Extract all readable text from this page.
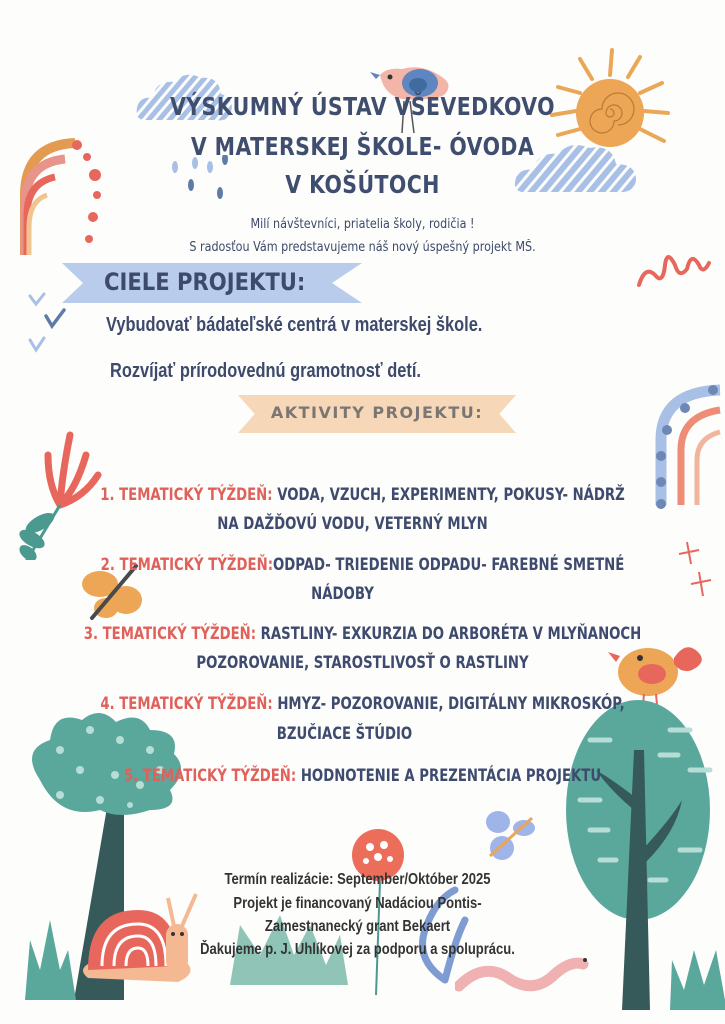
VÝSKUMNÝ ÚSTAV VŠEVEDKOVO
V MATERSKEJ ŠKOLE- ÓVODA
V KOŠÚTOCH
Milí návštevníci, priatelia školy, rodičia !
S radosťou Vám predstavujeme náš nový úspešný projekt MŠ.
CIELE PROJEKTU:
Vybudovať bádateľské centrá v materskej škole.
Rozvíjať prírodovednú gramotnosť detí.
AKTIVITY PROJEKTU:
1. TEMATICKÝ TÝŽDEŇ: VODA, VZUCH, EXPERIMENTY, POKUSY- NÁDRŽ
NA DAŽĎOVÚ VODU, VETERNÝ MLYN
2. TEMATICKÝ TÝŽDEŇ:ODPAD- TRIEDENIE ODPADU- FAREBNÉ SMETNÉ
NÁDOBY
3. TEMATICKÝ TÝŽDEŇ: RASTLINY- EXKURZIA DO ARBORÉTA V MLYŇANOCH
POZOROVANIE, STAROSTLIVOSŤ O RASTLINY
4. TEMATICKÝ TÝŽDEŇ: HMYZ- POZOROVANIE, DIGITÁLNY MIKROSKÓP,
BZUČIACE ŠTÚDIO
5. TEMATICKÝ TÝŽDEŇ: HODNOTENIE A PREZENTÁCIA PROJEKTU
Termín realizácie: September/Október 2025
Projekt je financovaný Nadáciou Pontis-
Zamestnanecký grant Bekaert
Ďakujeme p. J. Uhlíkovej za podporu a spoluprácu.
